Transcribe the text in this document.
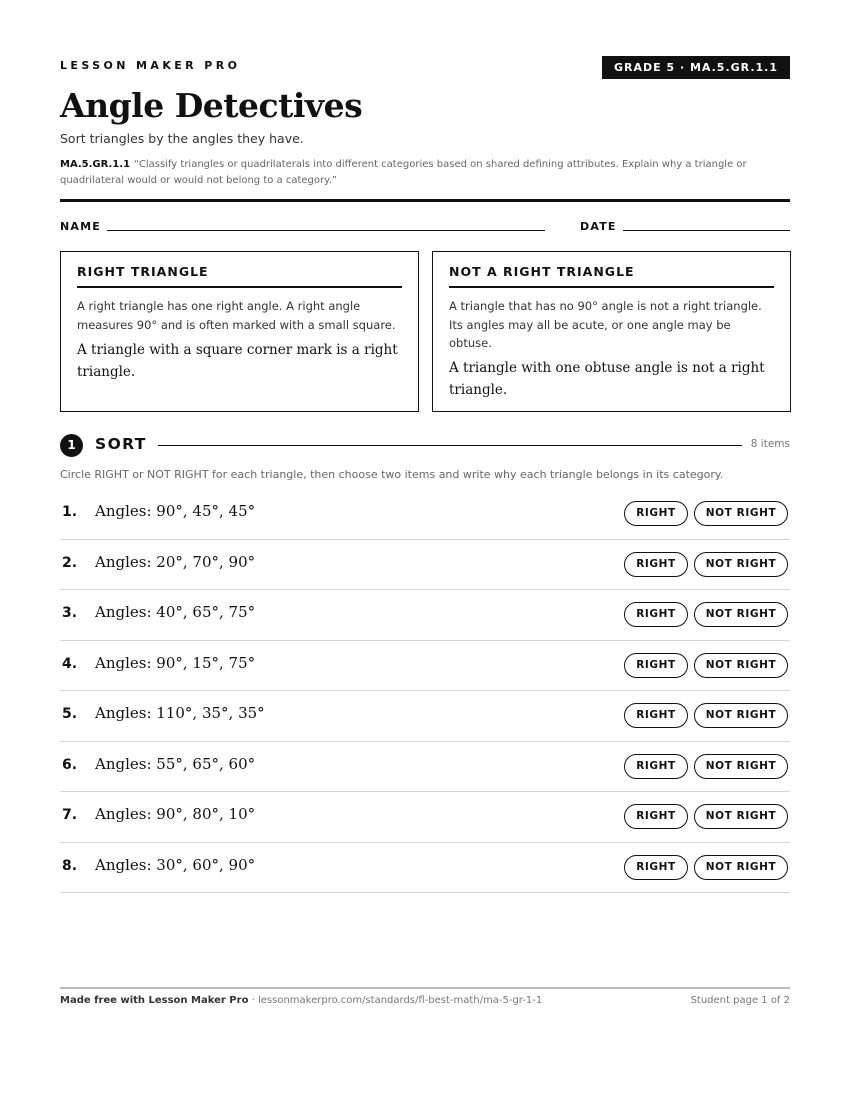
LESSON MAKER PRO	GRADE 5 · MA.5.GR.1.1
Angle Detectives
Sort triangles by the angles they have.
MA.5.GR.1.1 “Classify triangles or quadrilaterals into different categories based on shared defining attributes. Explain why a triangle or quadrilateral would or would not belong to a category.”
NAME	DATE
RIGHT TRIANGLE
A right triangle has one right angle. A right angle measures 90° and is often marked with a small square.
A triangle with a square corner mark is a right triangle.
NOT A RIGHT TRIANGLE
A triangle that has no 90° angle is not a right triangle. Its angles may all be acute, or one angle may be obtuse.
A triangle with one obtuse angle is not a right triangle.
1	SORT	8 items
Circle RIGHT or NOT RIGHT for each triangle, then choose two items and write why each triangle belongs in its category.
1. Angles: 90°, 45°, 45°	RIGHT	NOT RIGHT
2. Angles: 20°, 70°, 90°	RIGHT	NOT RIGHT
3. Angles: 40°, 65°, 75°	RIGHT	NOT RIGHT
4. Angles: 90°, 15°, 75°	RIGHT	NOT RIGHT
5. Angles: 110°, 35°, 35°	RIGHT	NOT RIGHT
6. Angles: 55°, 65°, 60°	RIGHT	NOT RIGHT
7. Angles: 90°, 80°, 10°	RIGHT	NOT RIGHT
8. Angles: 30°, 60°, 90°	RIGHT	NOT RIGHT
Made free with Lesson Maker Pro · lessonmakerpro.com/standards/fl-best-math/ma-5-gr-1-1	Student page 1 of 2
